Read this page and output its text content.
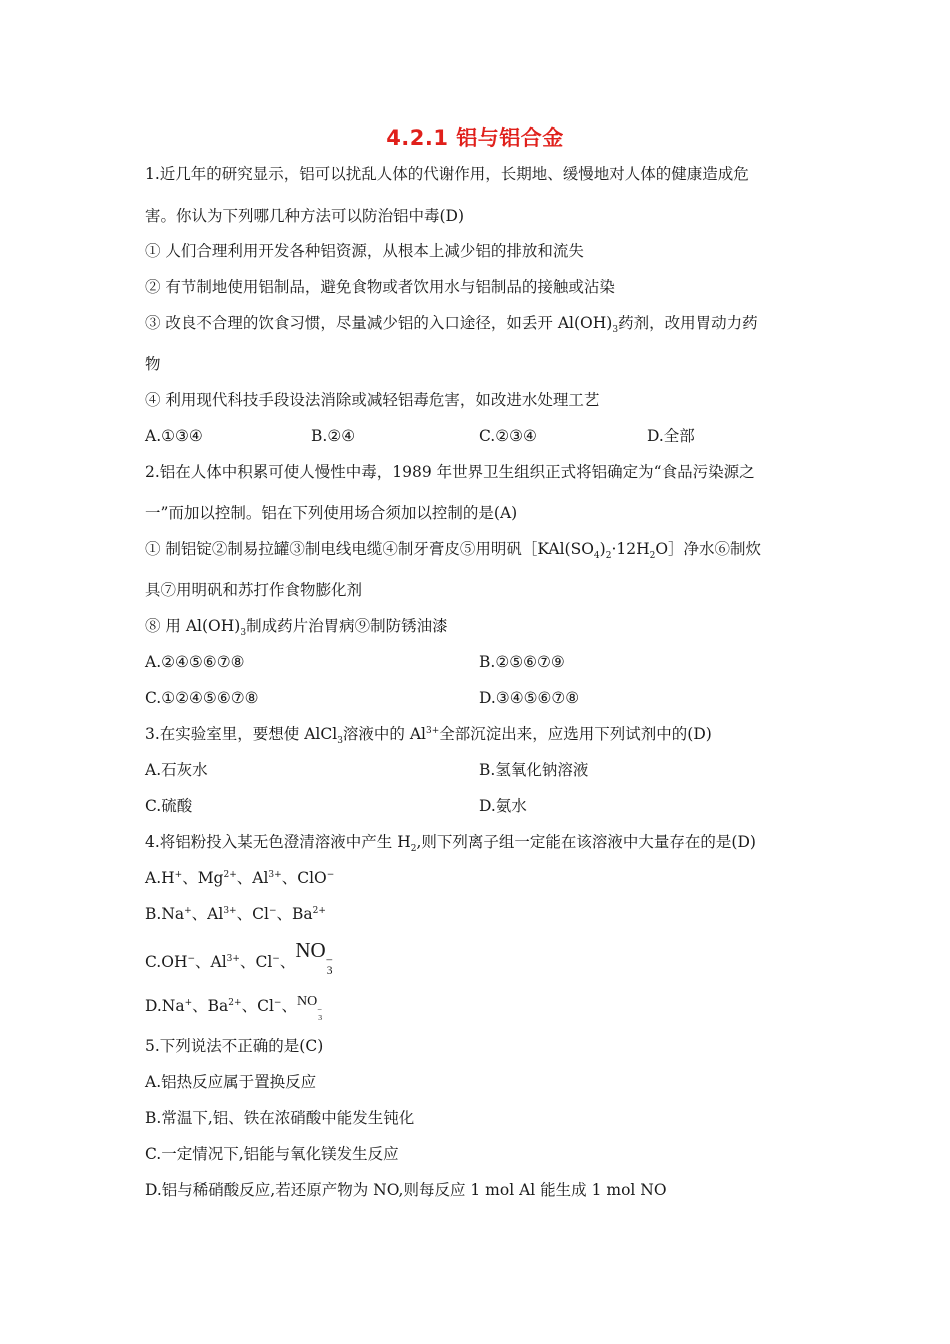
4.2.1 铝与铝合金
1.近几年的研究显示，铝可以扰乱人体的代谢作用，长期地、缓慢地对人体的健康造成危
害。你认为下列哪几种方法可以防治铝中毒(D)
① 人们合理利用开发各种铝资源，从根本上减少铝的排放和流失
② 有节制地使用铝制品，避免食物或者饮用水与铝制品的接触或沾染
③ 改良不合理的饮食习惯，尽量减少铝的入口途径，如丢开 $Al(OH)_3$药剂，改用胃动力药
物
④ 利用现代科技手段设法消除或减轻铝毒危害，如改进水处理工艺
A.①③④	B.②④	C.②③④	D.全部
2.铝在人体中积累可使人慢性中毒，1989 年世界卫生组织正式将铝确定为“食品污染源之
一”而加以控制。铝在下列使用场合须加以控制的是(A)
① 制铝锭②制易拉罐③制电线电缆④制牙膏皮⑤用明矾$[KAl(SO_4)_2\cdot 12H_2O]$净水⑥制炊
具⑦用明矾和苏打作食物膨化剂
⑧ 用 $Al(OH)_3$制成药片治胃病⑨制防锈油漆
A.②④⑤⑥⑦⑧	B.②⑤⑥⑦⑨
C.①②④⑤⑥⑦⑧	D.③④⑤⑥⑦⑧
3.在实验室里，要想使 AlCl$_3$溶液中的 $Al^{3+}$全部沉淀出来，应选用下列试剂中的(D)
A.石灰水	B.氢氧化钠溶液
C.硫酸	D.氨水
4.将铝粉投入某无色澄清溶液中产生 $H_2$,则下列离子组一定能在该溶液中大量存在的是(D)
A.H+、$Mg^{2+}$、$Al^{3+}$、ClO−
B.Na+、$Al^{3+}$、Cl−、$Ba^{2+}$
C.OH−、$Al^{3+}$、Cl−、NO −
3
D.Na+、$Ba^{2+}$、Cl−、NO
−
3
5.下列说法不正确的是(C)
A.铝热反应属于置换反应
B.常温下,铝、铁在浓硝酸中能发生钝化
C.一定情况下,铝能与氧化镁发生反应
D.铝与稀硝酸反应,若还原产物为 NO,则每反应 1 mol Al 能生成 1 mol NO
